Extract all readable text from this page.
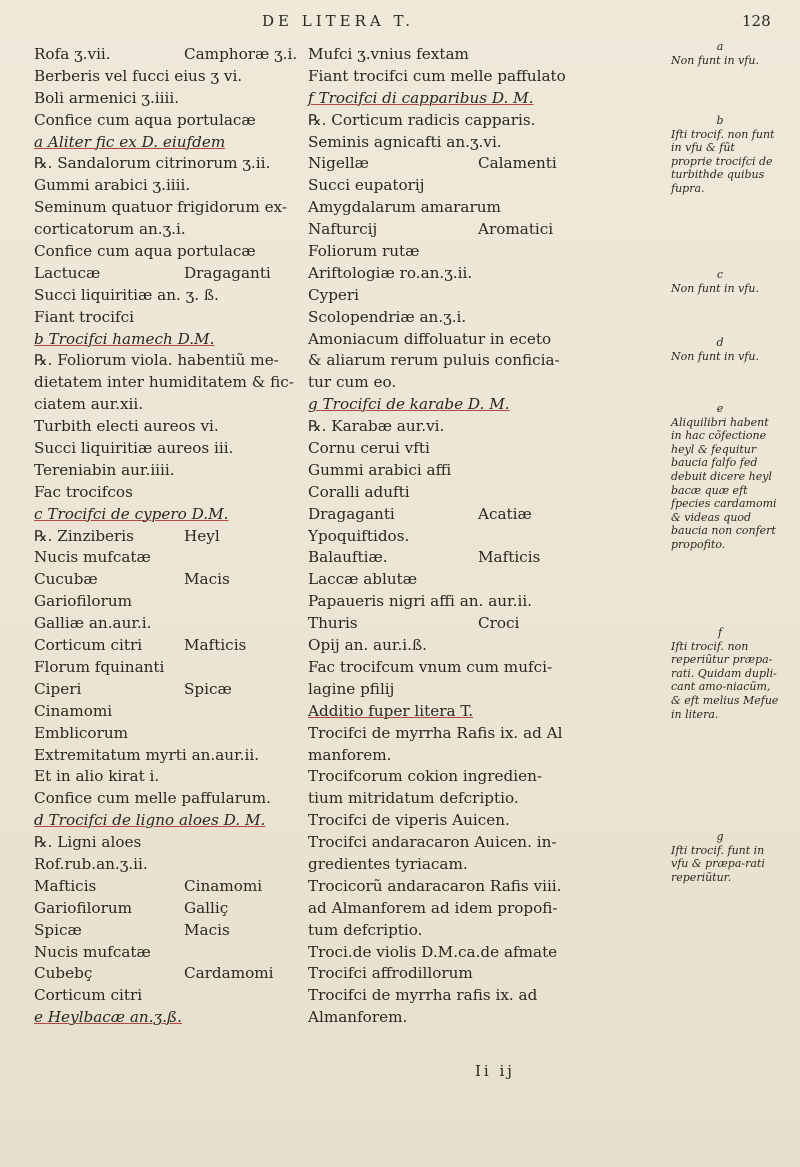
DE LITERA T.	128
Rofa ʒ.vii.	Camphoræ ʒ.i.
Berberis vel fucci eius ʒ vi.
Boli armenici ʒ.iiii.
Confice cum aqua portulacæ
a Aliter fic ex D. eiufdem
℞. Sandalorum citrinorum ʒ.ii.
Gummi arabici ʒ.iiii.
Seminum quatuor frigidorum ex-
corticatorum an.ʒ.i.
Confice cum aqua portulacæ
Lactucæ	Dragaganti
Succi liquiritiæ an. ʒ. ß.
Fiant trocifci
b Trocifci hamech D.M.
℞. Foliorum viola. habentiũ me-
dietatem inter humiditatem & fic-
ciatem aur.xii.
Turbith electi aureos vi.
Succi liquiritiæ aureos iii.
Tereniabin aur.iiii.
Fac trocifcos
c Trocifci de cypero D.M.
℞. Zinziberis	Heyl
Nucis mufcatæ
Cucubæ	Macis
Gariofilorum
Galliæ an.aur.i.
Corticum citri	Mafticis
Florum fquinanti
Ciperi	Spicæ
Cinamomi
Emblicorum
Extremitatum myrti an.aur.ii.
Et in alio kirat i.
Confice cum melle paffularum.
d Trocifci de ligno aloes D. M.
℞. Ligni aloes
Rof.rub.an.ʒ.ii.
Mafticis	Cinamomi
Gariofilorum	Galliç
Spicæ	Macis
Nucis mufcatæ
Cubebç	Cardamomi
Corticum citri
e Heylbacæ an.ʒ.ß.
Mufci ʒ.vnius fextam
Fiant trocifci cum melle paffulato
f Trocifci di capparibus D. M.
℞. Corticum radicis capparis.
Seminis agnicafti an.ʒ.vi.
Nigellæ	Calamenti
Succi eupatorij
Amygdalarum amararum
Nafturcij	Aromatici
Foliorum rutæ
Ariftologiæ ro.an.ʒ.ii.
Cyperi
Scolopendriæ an.ʒ.i.
Amoniacum diffoluatur in eceto
& aliarum rerum puluis conficia-
tur cum eo.
g Trocifci de karabe D. M.
℞. Karabæ aur.vi.
Cornu cerui vfti
Gummi arabici affi
Coralli adufti
Dragaganti	Acatiæ
Ypoquiftidos.
Balauftiæ.	Mafticis
Laccæ ablutæ
Papaueris nigri affi an. aur.ii.
Thuris	Croci
Opij an. aur.i.ß.
Fac trocifcum vnum cum mufci-
lagine pfilij
Additio fuper litera T.
Trocifci de myrrha Rafis ix. ad Al
manforem.
Trocifcorum cokion ingredien-
tium mitridatum defcriptio.
Trocifci de viperis Auicen.
Trocifci andaracaron Auicen. in-
gredientes tyriacam.
Trocicorũ andaracaron Rafis viii.
ad Almanforem ad idem propofi-
tum defcriptio.
Troci.de violis D.M.ca.de afmate
Trocifci affrodillorum
Trocifci de myrrha rafis ix. ad
Almanforem.
a
Non funt in vfu.
b
Ifti trocif. non funt in vfu & fũt proprie trocifci de turbithde quibus fupra.
c
Non funt in vfu.
d
Non funt in vfu.
e
Aliquilibri habent in hac cõfectione heyl & fequitur baucia falfo fed debuit dicere heyl bacæ quæ eft fpecies cardamomi & videas quod baucia non confert propofito.
f
Ifti trocif. non reperiũtur præpa-rati. Quidam dupli-cant amo-niacũm, & eft melius Mefue in litera.
g
Ifti trocif. funt in vfu & præpa-rati reperiũtur.
Ii ij
